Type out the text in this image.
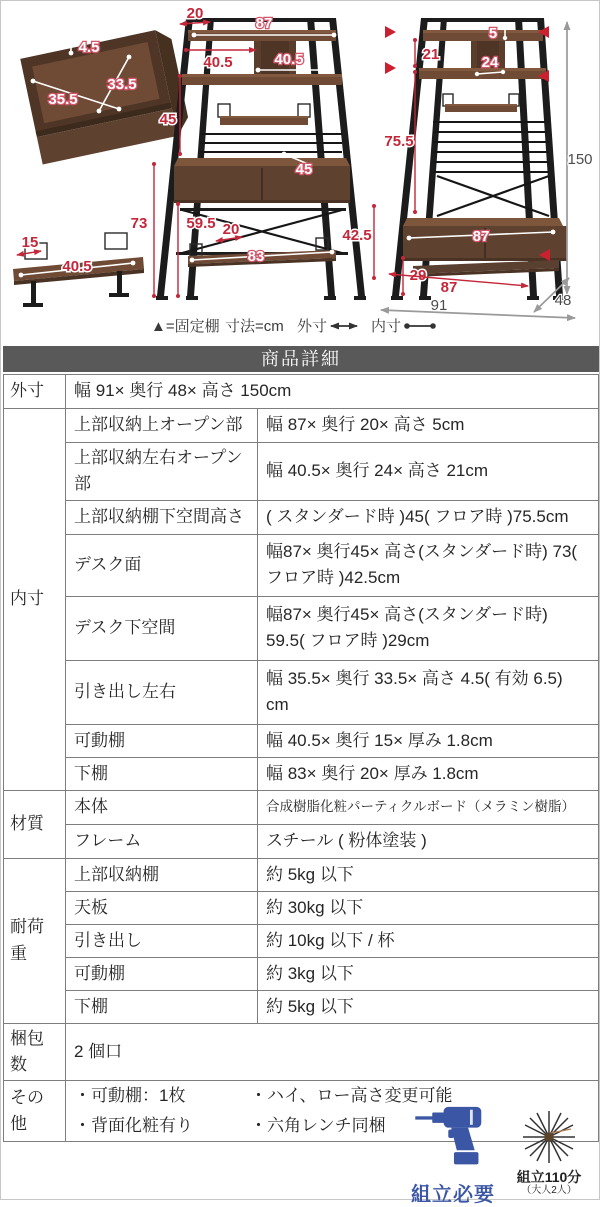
4.5
33.5
35.5
15
40.5
20
87
40.5	40.5
45
45
73	59.5 20
83
5
21	24
75.5
150
87
42.5
29
87
91	48
▲=固定棚 寸法=cm 外寸	内寸
商品詳細
外寸	幅 91× 奥行 48× 高さ 150cm	
内寸	上部収納上オープン部	幅 87× 奥行 20× 高さ 5cm
	上部収納左右オープン部	幅 40.5× 奥行 24× 高さ 21cm
	上部収納棚下空間高さ	( スタンダード時 )45( フロア時 )75.5cm
	デスク面	幅87× 奥行45× 高さ(スタンダード時) 73( フロア時 )42.5cm
	デスク下空間	幅87× 奥行45× 高さ(スタンダード時) 59.5( フロア時 )29cm
	引き出し左右	幅 35.5× 奥行 33.5× 高さ 4.5( 有効 6.5) cm
	可動棚	幅 40.5× 奥行 15× 厚み 1.8cm
	下棚	幅 83× 奥行 20× 厚み 1.8cm
材質	本体	合成樹脂化粧パーティクルボード（メラミン樹脂）
	フレーム	スチール ( 粉体塗装 )
耐荷重	上部収納棚	約 5kg 以下
	天板	約 30kg 以下
	引き出し	約 10kg 以下 / 杯
	可動棚	約 3kg 以下
	下棚	約 5kg 以下
梱包数	2 個口	
その他	・可動棚：1枚 ・ハイ、ロー高さ変更可能
・背面化粧有り ・六角レンチ同梱	
組立必要
組立110分
（大人2人）
